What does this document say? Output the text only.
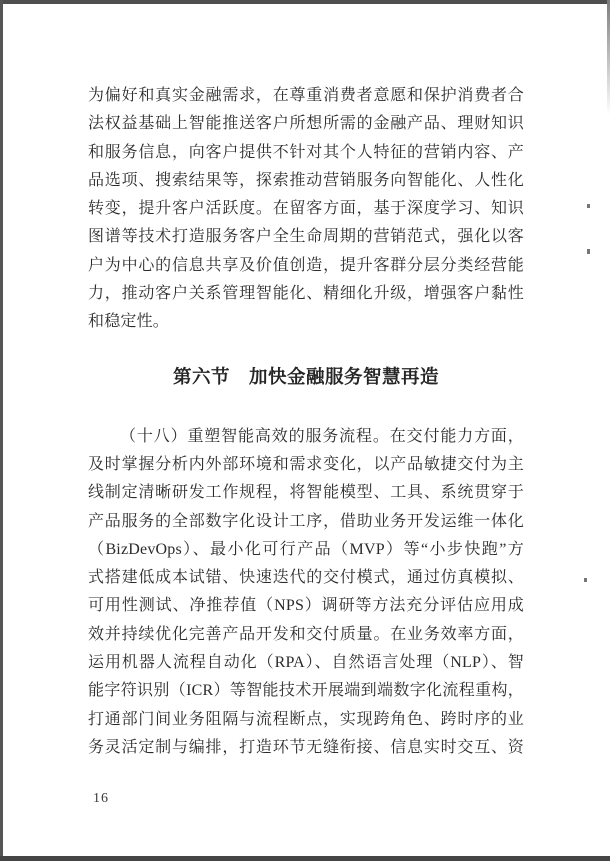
为偏好和真实金融需求，在尊重消费者意愿和保护消费者合
法权益基础上智能推送客户所想所需的金融产品、理财知识
和服务信息，向客户提供不针对其个人特征的营销内容、产
品选项、搜索结果等，探索推动营销服务向智能化、人性化
转变，提升客户活跃度。在留客方面，基于深度学习、知识
图谱等技术打造服务客户全生命周期的营销范式，强化以客
户为中心的信息共享及价值创造，提升客群分层分类经营能
力，推动客户关系管理智能化、精细化升级，增强客户黏性
和稳定性。
第六节　加快金融服务智慧再造
（十八）重塑智能高效的服务流程。在交付能力方面，
及时掌握分析内外部环境和需求变化，以产品敏捷交付为主
线制定清晰研发工作规程，将智能模型、工具、系统贯穿于
产品服务的全部数字化设计工序，借助业务开发运维一体化
（BizDevOps）、最小化可行产品（MVP）等“小步快跑”方
式搭建低成本试错、快速迭代的交付模式，通过仿真模拟、
可用性测试、净推荐值（NPS）调研等方法充分评估应用成
效并持续优化完善产品开发和交付质量。在业务效率方面，
运用机器人流程自动化（RPA）、自然语言处理（NLP）、智
能字符识别（ICR）等智能技术开展端到端数字化流程重构，
打通部门间业务阻隔与流程断点，实现跨角色、跨时序的业
务灵活定制与编排，打造环节无缝衔接、信息实时交互、资
16
